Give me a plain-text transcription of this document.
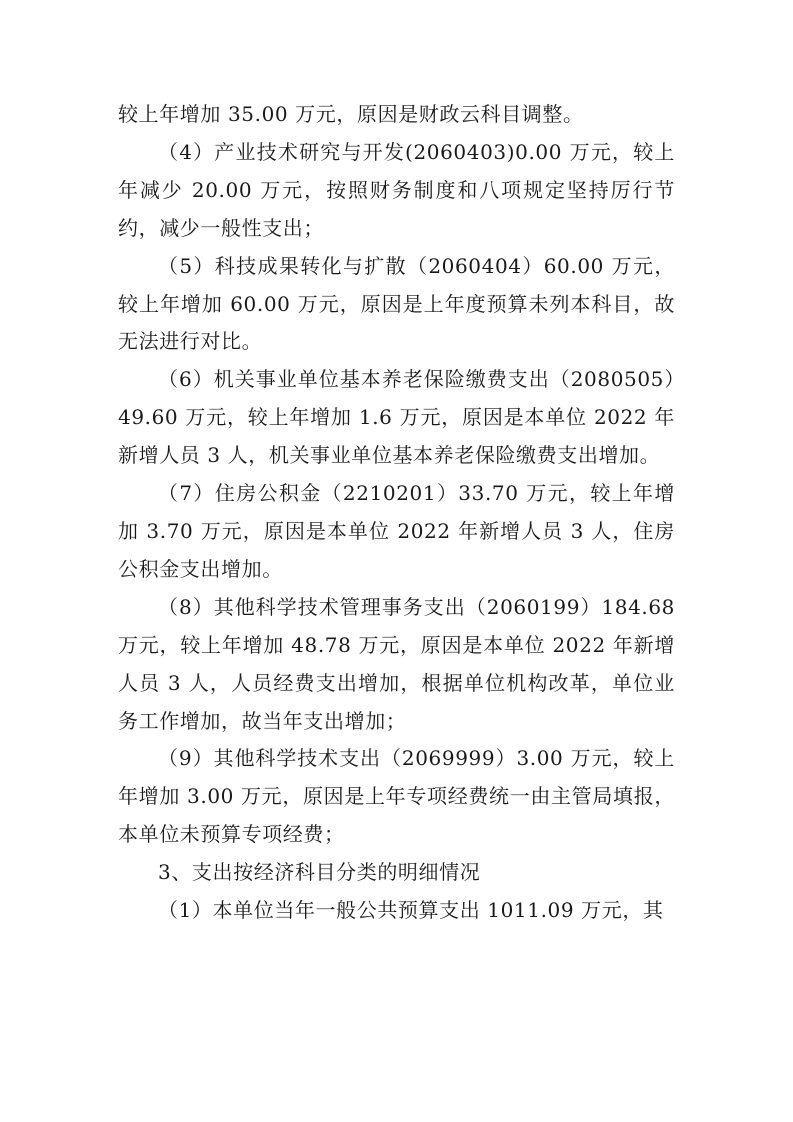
较上年增加 35.00 万元，原因是财政云科目调整。

（4）产业技术研究与开发(2060403)0.00 万元，较上年减少 20.00 万元，按照财务制度和八项规定坚持厉行节约，减少一般性支出；

（5）科技成果转化与扩散（2060404）60.00 万元，较上年增加 60.00 万元，原因是上年度预算未列本科目，故无法进行对比。

（6）机关事业单位基本养老保险缴费支出（2080505）49.60 万元，较上年增加 1.6 万元，原因是本单位 2022 年新增人员 3 人，机关事业单位基本养老保险缴费支出增加。

（7）住房公积金（2210201）33.70 万元，较上年增加 3.70 万元，原因是本单位 2022 年新增人员 3 人，住房公积金支出增加。

（8）其他科学技术管理事务支出（2060199）184.68 万元，较上年增加 48.78 万元，原因是本单位 2022 年新增人员 3 人，人员经费支出增加，根据单位机构改革，单位业务工作增加，故当年支出增加；

（9）其他科学技术支出（2069999）3.00 万元，较上年增加 3.00 万元，原因是上年专项经费统一由主管局填报，本单位未预算专项经费；

3、支出按经济科目分类的明细情况

（1）本单位当年一般公共预算支出 1011.09 万元，其
